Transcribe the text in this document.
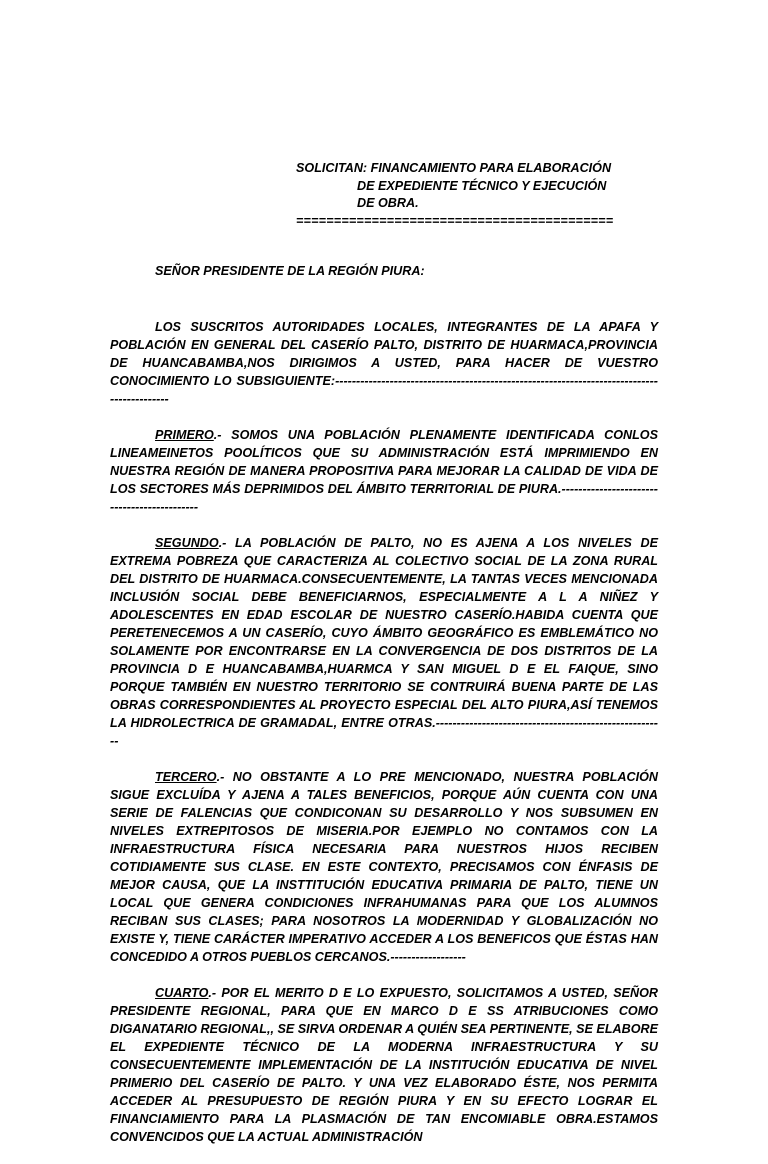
SOLICITAN: FINANCAMIENTO PARA ELABORACIÓN
DE EXPEDIENTE TÉCNICO Y EJECUCIÓN
DE OBRA.
==========================================
SEÑOR PRESIDENTE DE LA REGIÓN PIURA:

LOS SUSCRITOS AUTORIDADES LOCALES, INTEGRANTES DE LA APAFA Y POBLACIÓN EN GENERAL DEL CASERÍO PALTO, DISTRITO DE HUARMACA,PROVINCIA DE HUANCABAMBA,NOS DIRIGIMOS A USTED, PARA HACER DE VUESTRO CONOCIMIENTO LO SUBSIGUIENTE:-------------------------------------------------------------------------------------------

PRIMERO.- SOMOS UNA POBLACIÓN PLENAMENTE IDENTIFICADA CONLOS LINEAMEINETOS POOLÍTICOS QUE SU ADMINISTRACIÓN ESTÁ IMPRIMIENDO EN NUESTRA REGIÓN DE MANERA PROPOSITIVA PARA MEJORAR LA CALIDAD DE VIDA DE LOS SECTORES MÁS DEPRIMIDOS DEL ÁMBITO TERRITORIAL DE PIURA.--------------------------------------------

SEGUNDO.- LA POBLACIÓN DE PALTO, NO ES AJENA A LOS NIVELES DE EXTREMA POBREZA QUE CARACTERIZA AL COLECTIVO SOCIAL DE LA ZONA RURAL DEL DISTRITO DE HUARMACA.CONSECUENTEMENTE, LA TANTAS VECES MENCIONADA INCLUSIÓN SOCIAL DEBE BENEFICIARNOS, ESPECIALMENTE A L A NIÑEZ Y ADOLESCENTES EN EDAD ESCOLAR DE NUESTRO CASERÍO.HABIDA CUENTA QUE PERETENECEMOS A UN CASERÍO, CUYO ÁMBITO GEOGRÁFICO ES EMBLEMÁTICO NO SOLAMENTE POR ENCONTRARSE EN LA CONVERGENCIA DE DOS DISTRITOS DE LA PROVINCIA D E HUANCABAMBA,HUARMCA Y SAN MIGUEL D E EL FAIQUE, SINO PORQUE TAMBIÉN EN NUESTRO TERRITORIO SE CONTRUIRÁ BUENA PARTE DE LAS OBRAS CORRESPONDIENTES AL PROYECTO ESPECIAL DEL ALTO PIURA,ASÍ TENEMOS LA HIDROLECTRICA DE GRAMADAL, ENTRE OTRAS.-------------------------------------------------------

TERCERO.- NO OBSTANTE A LO PRE MENCIONADO, NUESTRA POBLACIÓN SIGUE EXCLUÍDA Y AJENA A TALES BENEFICIOS, PORQUE AÚN CUENTA CON UNA SERIE DE FALENCIAS QUE CONDICONAN SU DESARROLLO Y NOS SUBSUMEN EN NIVELES EXTREPITOSOS DE MISERIA.POR EJEMPLO NO CONTAMOS CON LA INFRAESTRUCTURA FÍSICA NECESARIA PARA NUESTROS HIJOS RECIBEN COTIDIAMENTE SUS CLASE. EN ESTE CONTEXTO, PRECISAMOS CON ÉNFASIS DE MEJOR CAUSA, QUE LA INSTTITUCIÓN EDUCATIVA PRIMARIA DE PALTO, TIENE UN LOCAL QUE GENERA CONDICIONES INFRAHUMANAS PARA QUE LOS ALUMNOS RECIBAN SUS CLASES; PARA NOSOTROS LA MODERNIDAD Y GLOBALIZACIÓN NO EXISTE Y, TIENE CARÁCTER IMPERATIVO ACCEDER A LOS BENEFICOS QUE ÉSTAS HAN CONCEDIDO A OTROS PUEBLOS CERCANOS.------------------

CUARTO.- POR EL MERITO D E LO EXPUESTO, SOLICITAMOS A USTED, SEÑOR PRESIDENTE REGIONAL, PARA QUE EN MARCO D E SS ATRIBUCIONES COMO DIGANATARIO REGIONAL,, SE SIRVA ORDENAR A QUIÉN SEA PERTINENTE, SE ELABORE EL EXPEDIENTE TÉCNICO DE LA MODERNA INFRAESTRUCTURA Y SU CONSECUENTEMENTE IMPLEMENTACIÓN DE LA INSTITUCIÓN EDUCATIVA DE NIVEL PRIMERIO DEL CASERÍO DE PALTO. Y UNA VEZ ELABORADO ÉSTE, NOS PERMITA ACCEDER AL PRESUPUESTO DE REGIÓN PIURA Y EN SU EFECTO LOGRAR EL FINANCIAMIENTO PARA LA PLASMACIÓN DE TAN ENCOMIABLE OBRA.ESTAMOS CONVENCIDOS QUE LA ACTUAL ADMINISTRACIÓN
